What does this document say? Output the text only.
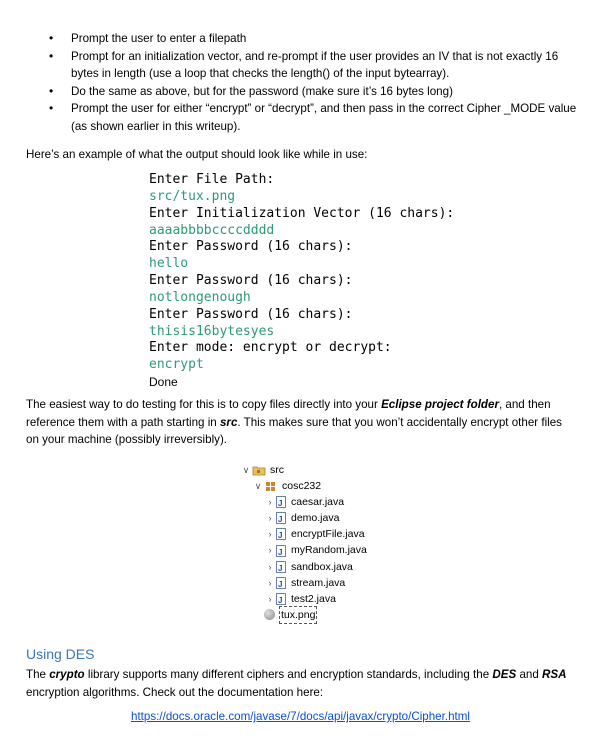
• Prompt the user to enter a filepath
• Prompt for an initialization vector, and re-prompt if the user provides an IV that is not exactly 16 bytes in length (use a loop that checks the length() of the input bytearray).
• Do the same as above, but for the password (make sure it’s 16 bytes long)
• Prompt the user for either “encrypt” or “decrypt”, and then pass in the correct Cipher _MODE value (as shown earlier in this writeup).
Here’s an example of what the output should look like while in use:
Enter File Path:
src/tux.png
Enter Initialization Vector (16 chars):
aaaabbbbccccdddd
Enter Password (16 chars):
hello
Enter Password (16 chars):
notlongenough
Enter Password (16 chars):
thisis16bytesyes
Enter mode: encrypt or decrypt:
encrypt
Done
The easiest way to do testing for this is to copy files directly into your Eclipse project folder, and then reference them with a path starting in src. This makes sure that you won’t accidentally encrypt other files on your machine (possibly irreversibly).
∨ src
∨ cosc232
› J caesar.java
› J demo.java
› J encryptFile.java
› J myRandom.java
› J sandbox.java
› J stream.java
› J test2.java
tux.png
Using DES
The crypto library supports many different ciphers and encryption standards, including the DES and RSA encryption algorithms. Check out the documentation here:
https://docs.oracle.com/javase/7/docs/api/javax/crypto/Cipher.html
